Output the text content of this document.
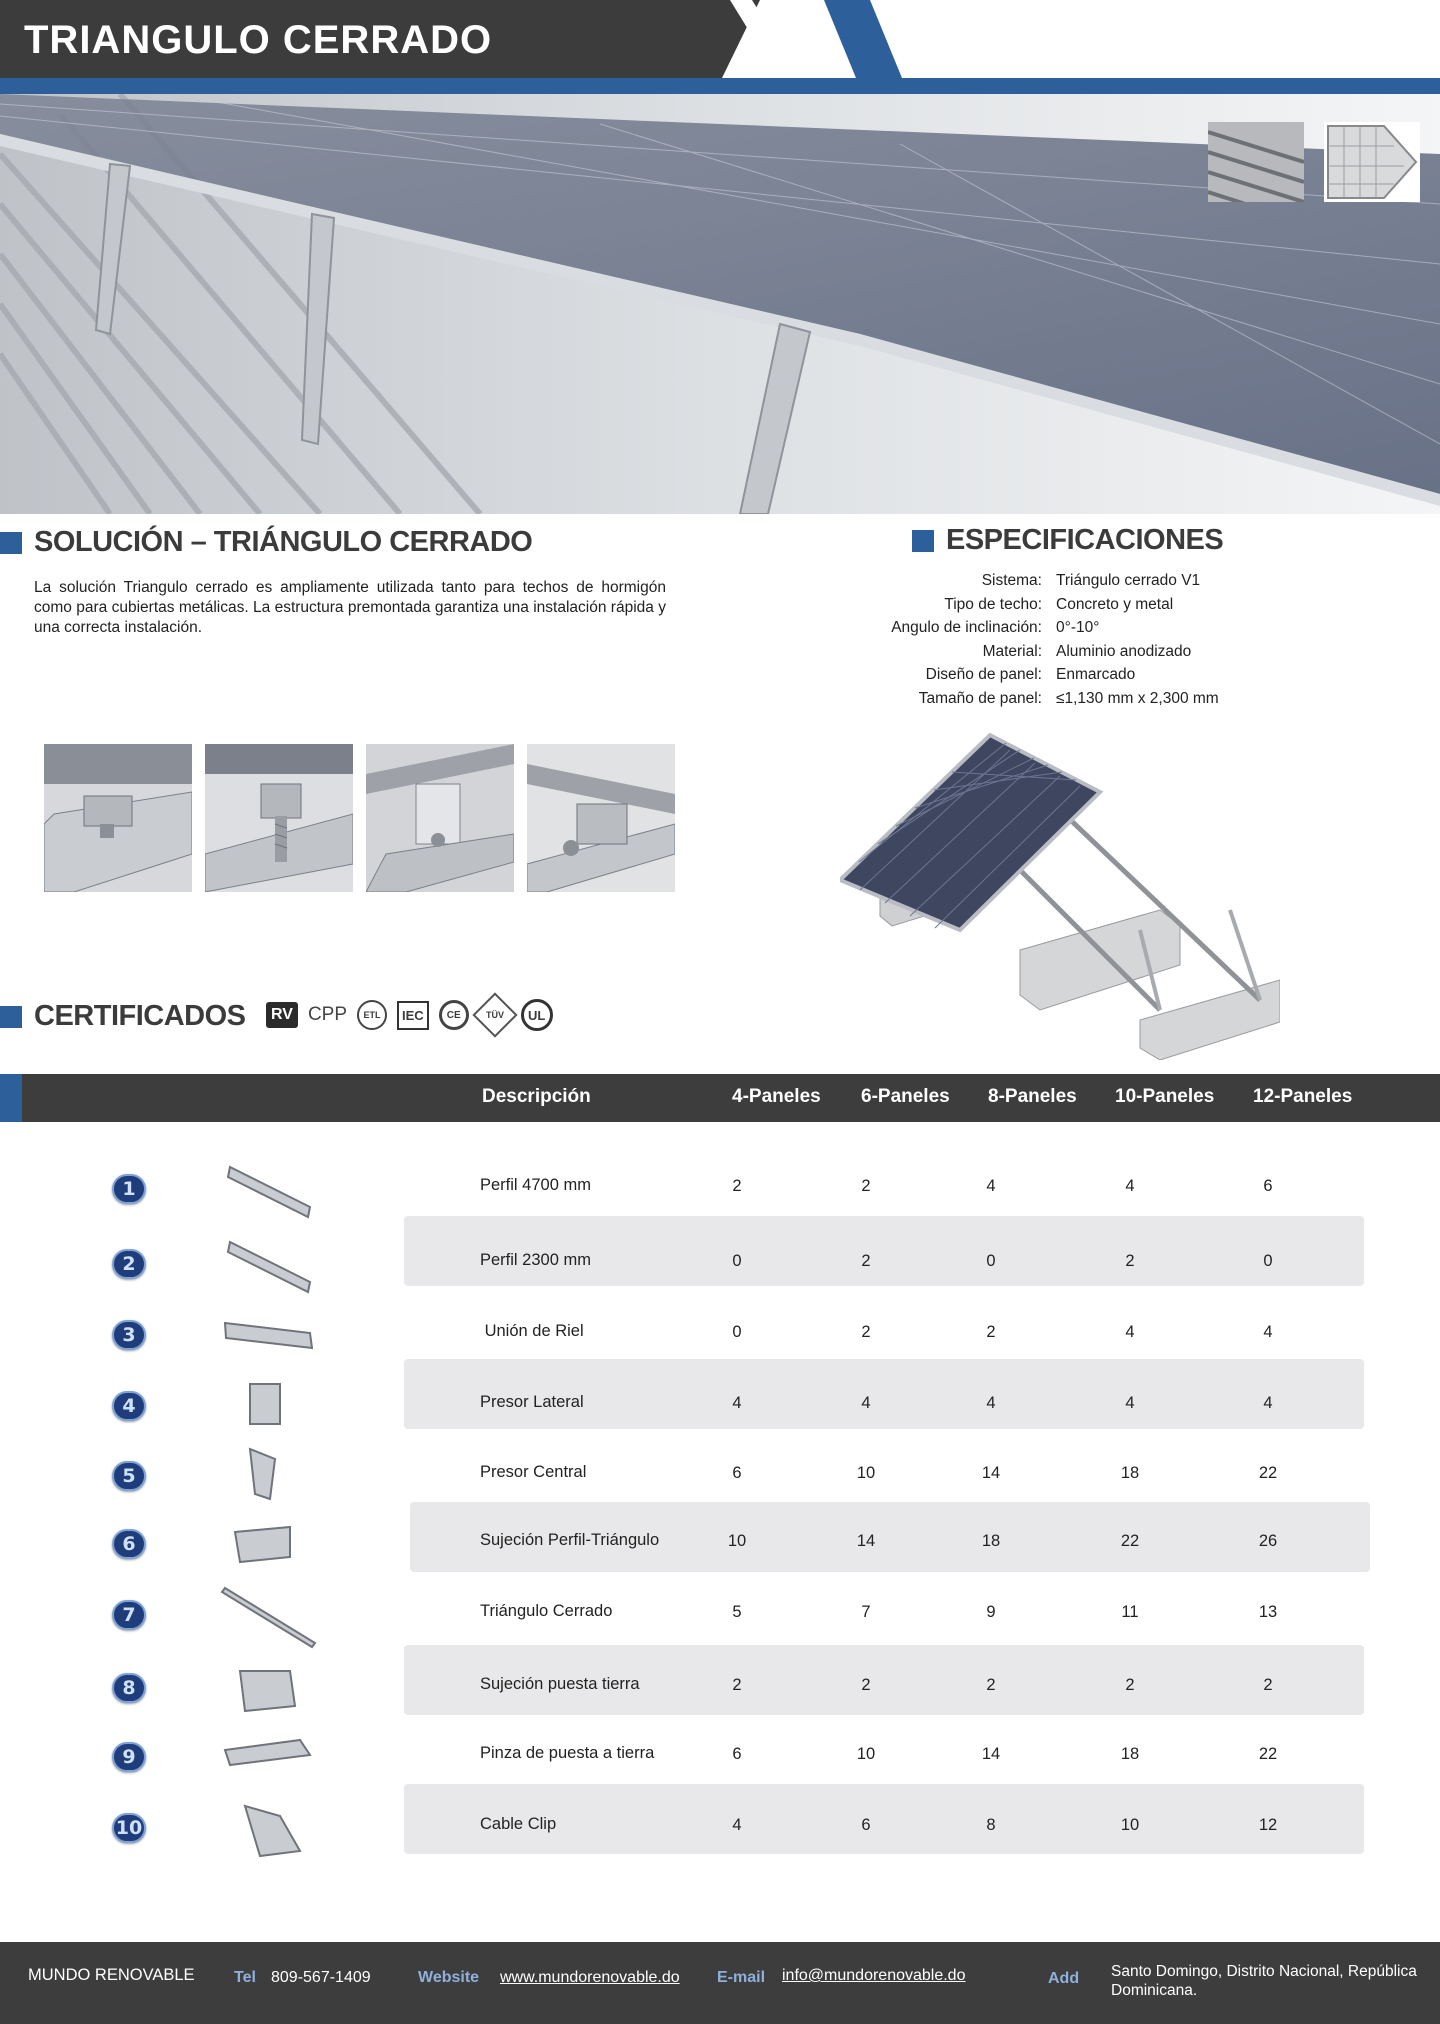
TRIANGULO CERRADO
SOLUCIÓN – TRIÁNGULO CERRADO
La solución Triangulo cerrado es ampliamente utilizada tanto para techos de hormigón como para cubiertas metálicas. La estructura premontada garantiza una instalación rápida y una correcta instalación.
ESPECIFICACIONES
Sistema: Triángulo cerrado V1
Tipo de techo: Concreto y metal
Angulo de inclinación: 0°-10°
Material: Aluminio anodizado
Diseño de panel: Enmarcado
Tamaño de panel: ≤1,130 mm x 2,300 mm
CERTIFICADOS	RV CPP	ETL	IEC	CE	TÜV	UL
Descripción	4-Paneles 6-Paneles 8-Paneles 10-Paneles 12-Paneles
1	Perfil 4700 mm	2	2	4	4	6
2	Perfil 2300 mm	0	2	0	2	0
3	Unión de Riel	0	2	2	4	4
4	Presor Lateral	4	4	4	4	4
5	Presor Central	6	10	14	18	22
6	Sujeción Perfil-Triángulo	10	14	18	22	26
7	Triángulo Cerrado	5	7	9	11	13
8	Sujeción puesta tierra	2	2	2	2	2
9	Pinza de puesta a tierra	6	10	14	18	22
10	Cable Clip	4	6	8	10	12
MUNDO RENOVABLE Tel 809-567-1409	Website www.mundorenovable.do E-mail info@mundorenovable.do	Add Santo Domingo, Distrito Nacional, República Dominicana.
